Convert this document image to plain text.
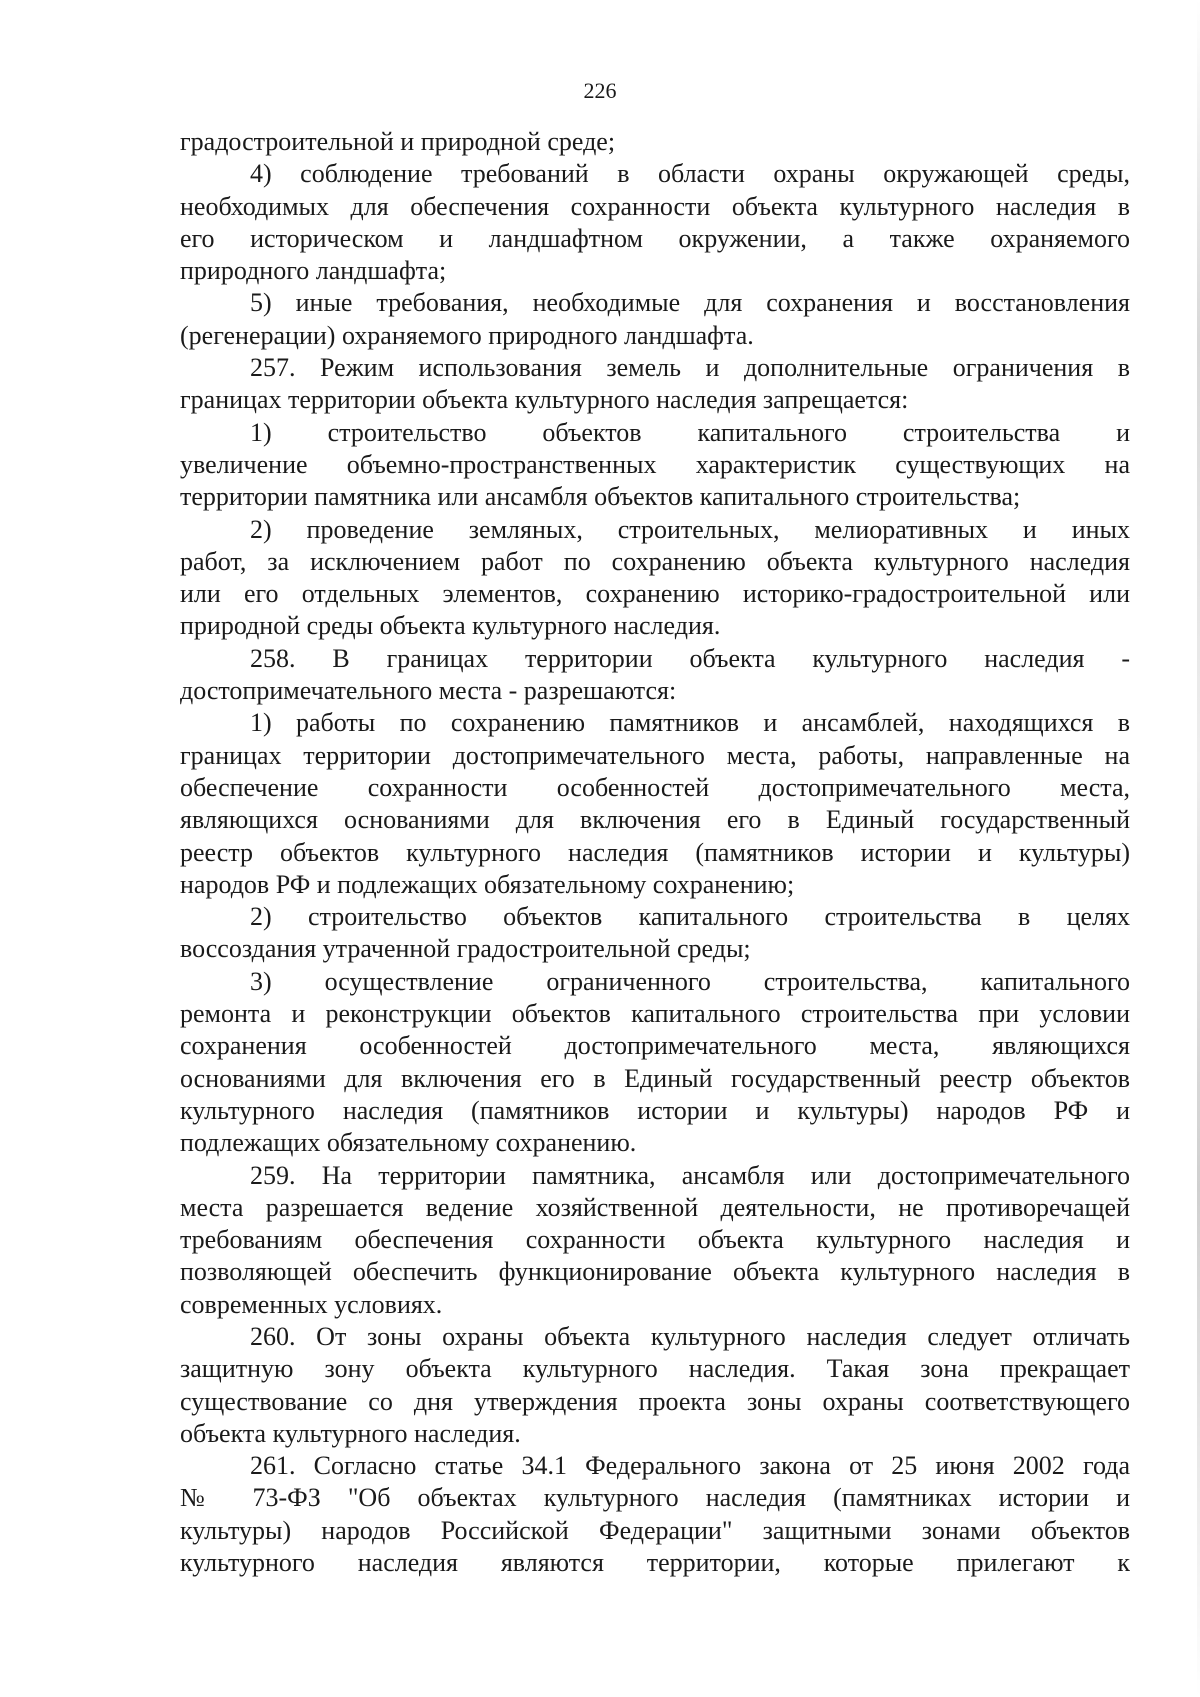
226
градостроительной и природной среде;
4) соблюдение требований в области охраны окружающей среды,
необходимых для обеспечения сохранности объекта культурного наследия в
его историческом и ландшафтном окружении, а также охраняемого
природного ландшафта;
5) иные требования, необходимые для сохранения и восстановления
(регенерации) охраняемого природного ландшафта.
257. Режим использования земель и дополнительные ограничения в
границах территории объекта культурного наследия запрещается:
1) строительство объектов капитального строительства и
увеличение объемно-пространственных характеристик существующих на
территории памятника или ансамбля объектов капитального строительства;
2) проведение земляных, строительных, мелиоративных и иных
работ, за исключением работ по сохранению объекта культурного наследия
или его отдельных элементов, сохранению историко-градостроительной или
природной среды объекта культурного наследия.
258. В границах территории объекта культурного наследия -
достопримечательного места - разрешаются:
1) работы по сохранению памятников и ансамблей, находящихся в
границах территории достопримечательного места, работы, направленные на
обеспечение сохранности особенностей достопримечательного места,
являющихся основаниями для включения его в Единый государственный
реестр объектов культурного наследия (памятников истории и культуры)
народов РФ и подлежащих обязательному сохранению;
2) строительство объектов капитального строительства в целях
воссоздания утраченной градостроительной среды;
3) осуществление ограниченного строительства, капитального
ремонта и реконструкции объектов капитального строительства при условии
сохранения особенностей достопримечательного места, являющихся
основаниями для включения его в Единый государственный реестр объектов
культурного наследия (памятников истории и культуры) народов РФ и
подлежащих обязательному сохранению.
259. На территории памятника, ансамбля или достопримечательного
места разрешается ведение хозяйственной деятельности, не противоречащей
требованиям обеспечения сохранности объекта культурного наследия и
позволяющей обеспечить функционирование объекта культурного наследия в
современных условиях.
260. От зоны охраны объекта культурного наследия следует отличать
защитную зону объекта культурного наследия. Такая зона прекращает
существование со дня утверждения проекта зоны охраны соответствующего
объекта культурного наследия.
261. Согласно статье 34.1 Федерального закона от 25 июня 2002 года
№ 73-ФЗ "Об объектах культурного наследия (памятниках истории и
культуры) народов Российской Федерации" защитными зонами объектов
культурного наследия являются территории, которые прилегают к
